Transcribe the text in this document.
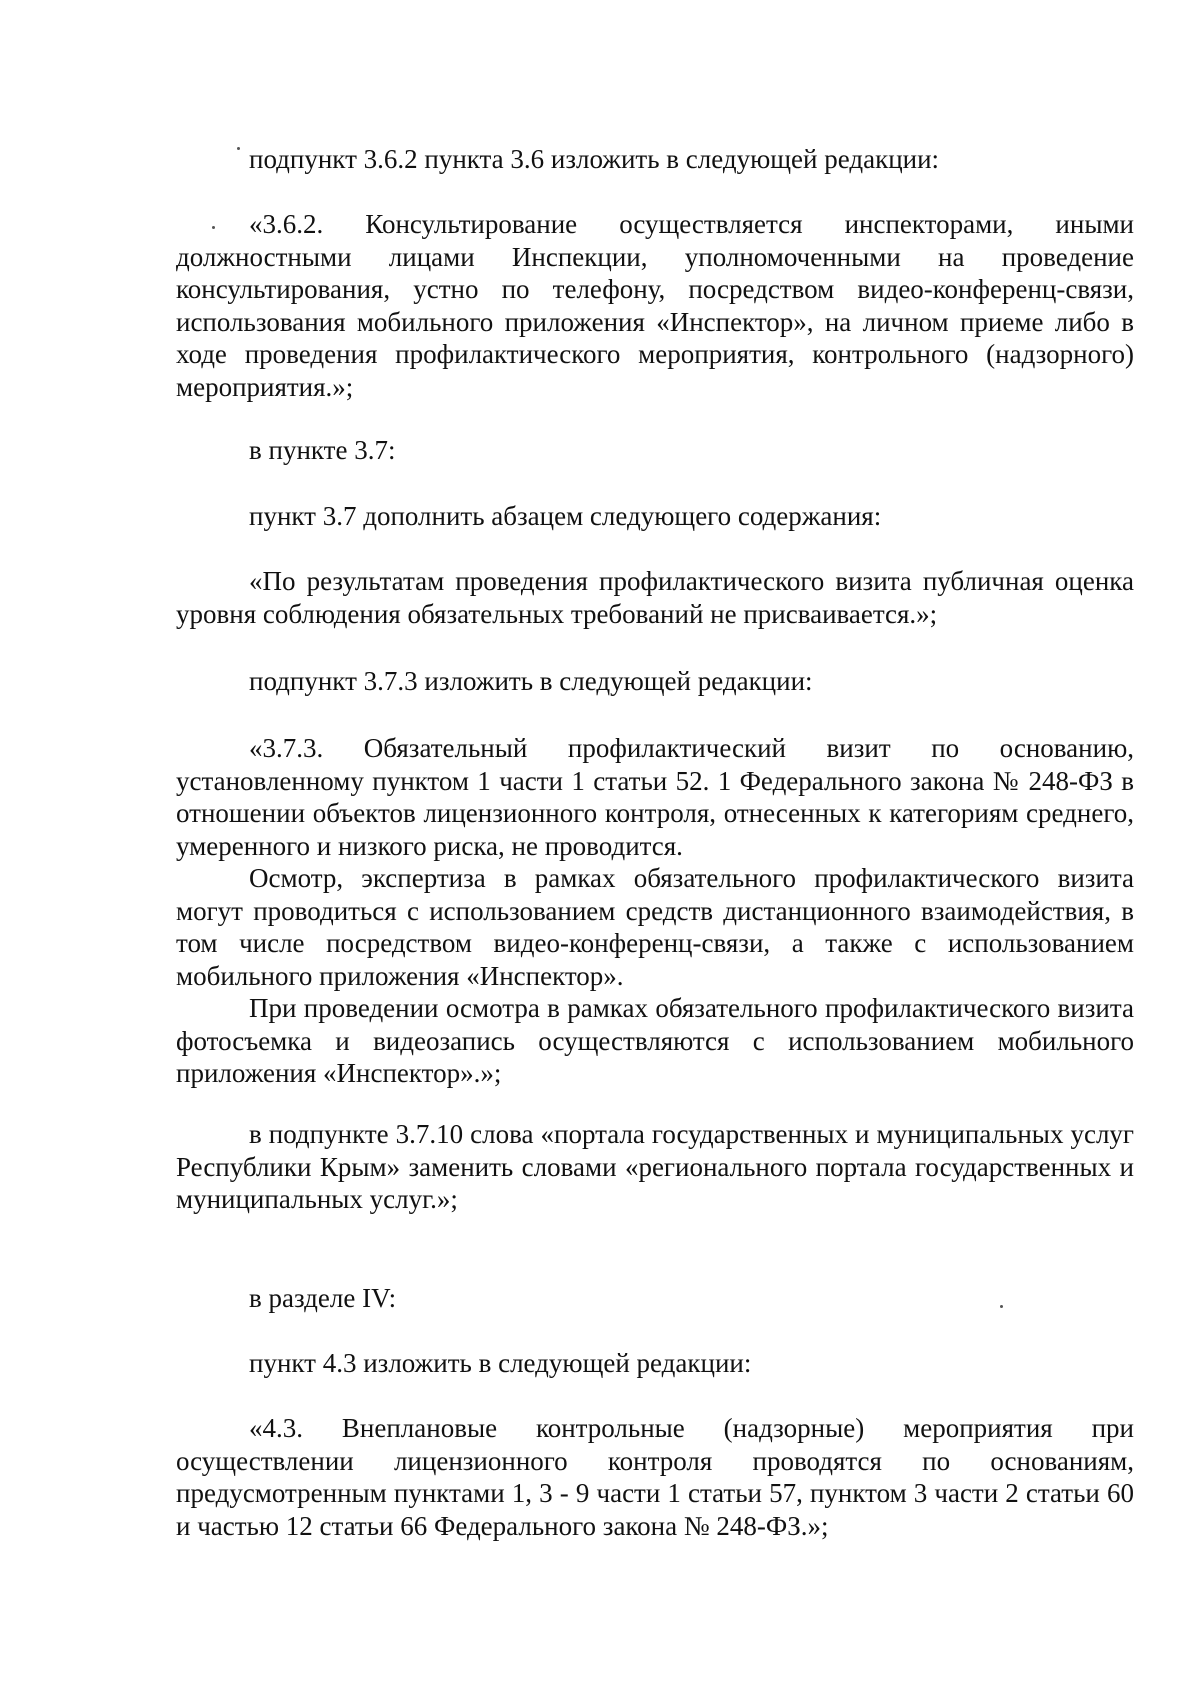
подпункт 3.6.2 пункта 3.6 изложить в следующей редакции:

«3.6.2. Консультирование осуществляется инспекторами, иными должностными лицами Инспекции, уполномоченными на проведение консультирования, устно по телефону, посредством видео-конференц-связи, использования мобильного приложения «Инспектор», на личном приеме либо в ходе проведения профилактического мероприятия, контрольного (надзорного) мероприятия.»;

в пункте 3.7:

пункт 3.7 дополнить абзацем следующего содержания:

«По результатам проведения профилактического визита публичная оценка уровня соблюдения обязательных требований не присваивается.»;

подпункт 3.7.3 изложить в следующей редакции:

«3.7.3. Обязательный профилактический визит по основанию, установленному пунктом 1 части 1 статьи 52. 1 Федерального закона № 248-ФЗ в отношении объектов лицензионного контроля, отнесенных к категориям среднего, умеренного и низкого риска, не проводится.

Осмотр, экспертиза в рамках обязательного профилактического визита могут проводиться с использованием средств дистанционного взаимодействия, в том числе посредством видео-конференц-связи, а также с использованием мобильного приложения «Инспектор».

При проведении осмотра в рамках обязательного профилактического визита фотосъемка и видеозапись осуществляются с использованием мобильного приложения «Инспектор».»;

в подпункте 3.7.10 слова «портала государственных и муниципальных услуг Республики Крым» заменить словами «регионального портала государственных и муниципальных услуг.»;

в разделе IV:

пункт 4.3 изложить в следующей редакции:

«4.3. Внеплановые контрольные (надзорные) мероприятия при осуществлении лицензионного контроля проводятся по основаниям, предусмотренным пунктами 1, 3 - 9 части 1 статьи 57, пунктом 3 части 2 статьи 60 и частью 12 статьи 66 Федерального закона № 248-ФЗ.»;
